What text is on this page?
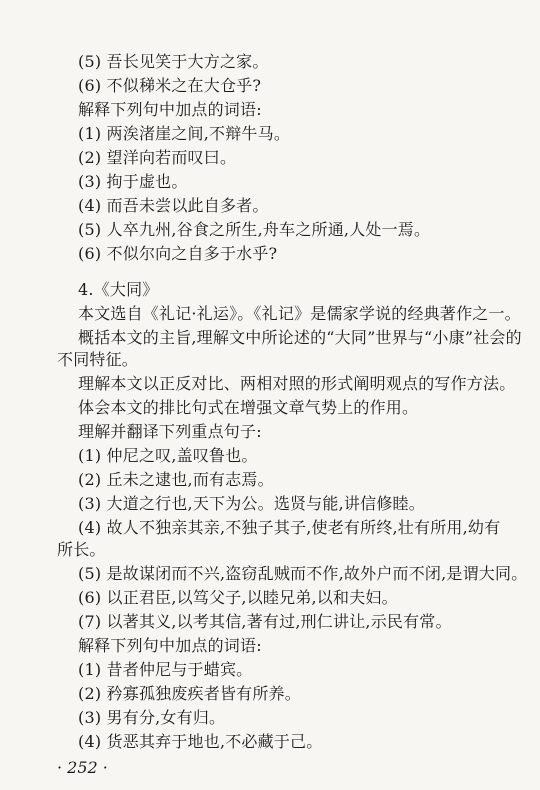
(5) 吾长见笑于大方之家。
(6) 不似稊米之在大仓乎?
解释下列句中加点的词语:
(1) 两涘渚崖之间,不辩牛马。
(2) 望洋向若而叹曰。
(3) 拘于虚也。
(4) 而吾未尝以此自多者。
(5) 人卒九州,谷食之所生,舟车之所通,人处一焉。
(6) 不似尔向之自多于水乎?
4.《大同》
本文选自《礼记·礼运》。《礼记》是儒家学说的经典著作之一。
概括本文的主旨,理解文中所论述的“大同”世界与“小康”社会的
不同特征。
理解本文以正反对比、两相对照的形式阐明观点的写作方法。
体会本文的排比句式在增强文章气势上的作用。
理解并翻译下列重点句子:
(1) 仲尼之叹,盖叹鲁也。
(2) 丘未之逮也,而有志焉。
(3) 大道之行也,天下为公。选贤与能,讲信修睦。
(4) 故人不独亲其亲,不独子其子,使老有所终,壮有所用,幼有
所长。
(5) 是故谋闭而不兴,盗窃乱贼而不作,故外户而不闭,是谓大同。
(6) 以正君臣,以笃父子,以睦兄弟,以和夫妇。
(7) 以著其义,以考其信,著有过,刑仁讲让,示民有常。
解释下列句中加点的词语:
(1) 昔者仲尼与于蜡宾。
(2) 矜寡孤独废疾者皆有所养。
(3) 男有分,女有归。
(4) 货恶其弃于地也,不必藏于己。
· 252 ·
